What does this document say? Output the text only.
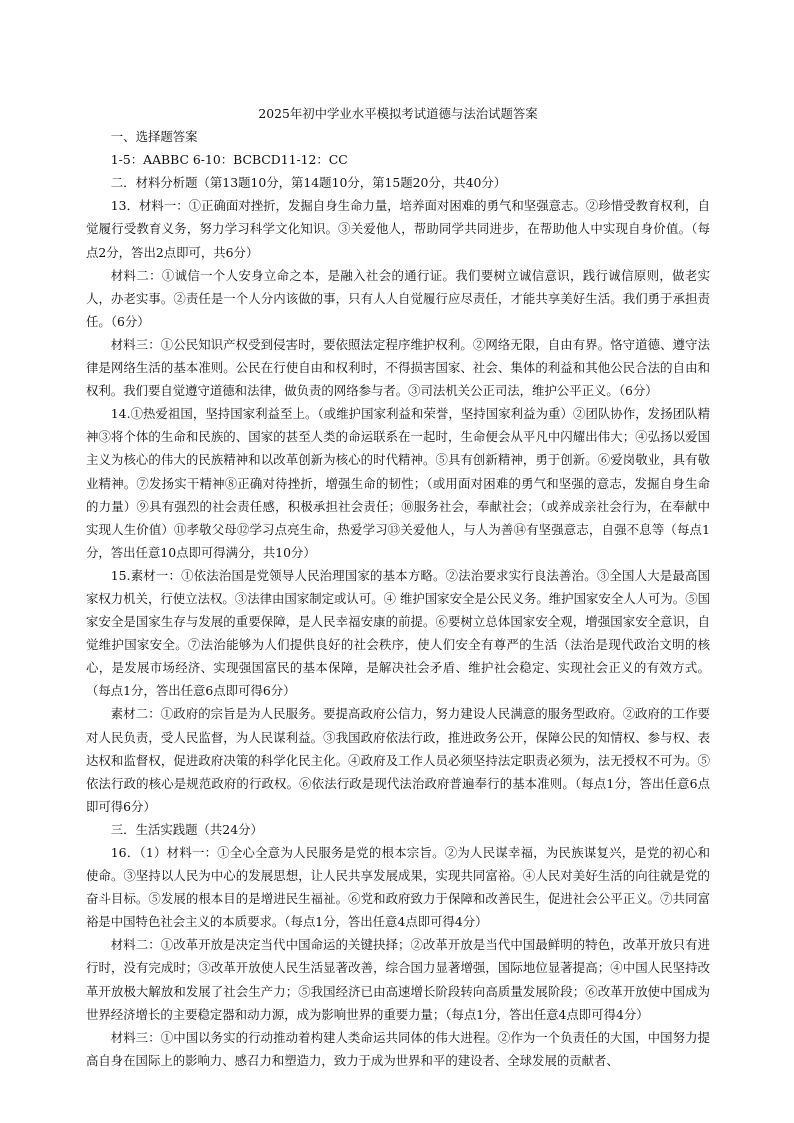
2025年初中学业水平模拟考试道德与法治试题答案

一、选择题答案

1-5：AABBC 6-10：BCBCD11-12：CC

二．材料分析题（第13题10分，第14题10分，第15题20分，共40分）

13．材料一：①正确面对挫折，发掘自身生命力量，培养面对困难的勇气和坚强意志。②珍惜受教育权利，自觉履行受教育义务，努力学习科学文化知识。③关爱他人，帮助同学共同进步，在帮助他人中实现自身价值。（每点2分，答出2点即可，共6分）

材料二：①诚信一个人安身立命之本，是融入社会的通行证。我们要树立诚信意识，践行诚信原则，做老实人，办老实事。②责任是一个人分内该做的事，只有人人自觉履行应尽责任，才能共享美好生活。我们勇于承担责任。（6分）

材料三：①公民知识产权受到侵害时，要依照法定程序维护权利。②网络无限，自由有界。恪守道德、遵守法律是网络生活的基本准则。公民在行使自由和权利时，不得损害国家、社会、集体的利益和其他公民合法的自由和权利。我们要自觉遵守道德和法律，做负责的网络参与者。③司法机关公正司法，维护公平正义。（6分）

14.①热爱祖国，坚持国家利益至上。（或维护国家利益和荣誉，坚持国家利益为重）②团队协作，发扬团队精神③将个体的生命和民族的、国家的甚至人类的命运联系在一起时，生命便会从平凡中闪耀出伟大；④弘扬以爱国主义为核心的伟大的民族精神和以改革创新为核心的时代精神。⑤具有创新精神，勇于创新。⑥爱岗敬业，具有敬业精神。⑦发扬实干精神⑧正确对待挫折，增强生命的韧性；（或用面对困难的勇气和坚强的意志，发掘自身生命的力量）⑨具有强烈的社会责任感，积极承担社会责任；⑩服务社会，奉献社会；（或养成亲社会行为，在奉献中实现人生价值）⑪孝敬父母⑫学习点亮生命，热爱学习⑬关爱他人，与人为善⑭有坚强意志，自强不息等（每点1分，答出任意10点即可得满分，共10分）

15.素材一：①依法治国是党领导人民治理国家的基本方略。②法治要求实行良法善治。③全国人大是最高国家权力机关，行使立法权。③法律由国家制定或认可。④ 维护国家安全是公民义务。维护国家安全人人可为。⑤国家安全是国家生存与发展的重要保障，是人民幸福安康的前提。⑥要树立总体国家安全观，增强国家安全意识，自觉维护国家安全。⑦法治能够为人们提供良好的社会秩序，使人们安全有尊严的生活（法治是现代政治文明的核心，是发展市场经济、实现强国富民的基本保障，是解决社会矛盾、维护社会稳定、实现社会正义的有效方式。（每点1分，答出任意6点即可得6分）

素材二：①政府的宗旨是为人民服务。要提高政府公信力，努力建设人民满意的服务型政府。②政府的工作要对人民负责，受人民监督，为人民谋利益。③我国政府依法行政，推进政务公开，保障公民的知情权、参与权、表达权和监督权，促进政府决策的科学化民主化。④政府及工作人员必须坚持法定职责必须为，法无授权不可为。⑤依法行政的核心是规范政府的行政权。⑥依法行政是现代法治政府普遍奉行的基本准则。（每点1分，答出任意6点即可得6分）

三．生活实践题（共24分）

16．（1）材料一：①全心全意为人民服务是党的根本宗旨。②为人民谋幸福，为民族谋复兴，是党的初心和使命。③坚持以人民为中心的发展思想，让人民共享发展成果，实现共同富裕。④人民对美好生活的向往就是党的奋斗目标。⑤发展的根本目的是增进民生福祉。⑥党和政府致力于保障和改善民生，促进社会公平正义。⑦共同富裕是中国特色社会主义的本质要求。（每点1分，答出任意4点即可得4分）

材料二：①改革开放是决定当代中国命运的关键抉择；②改革开放是当代中国最鲜明的特色，改革开放只有进行时，没有完成时；③改革开放使人民生活显著改善，综合国力显著增强，国际地位显著提高；④中国人民坚持改革开放极大解放和发展了社会生产力；⑤我国经济已由高速增长阶段转向高质量发展阶段；⑥改革开放使中国成为世界经济增长的主要稳定器和动力源，成为影响世界的重要力量；（每点1分，答出任意4点即可得4分）

材料三：①中国以务实的行动推动着构建人类命运共同体的伟大进程。②作为一个负责任的大国，中国努力提高自身在国际上的影响力、感召力和塑造力，致力于成为世界和平的建设者、全球发展的贡献者、
